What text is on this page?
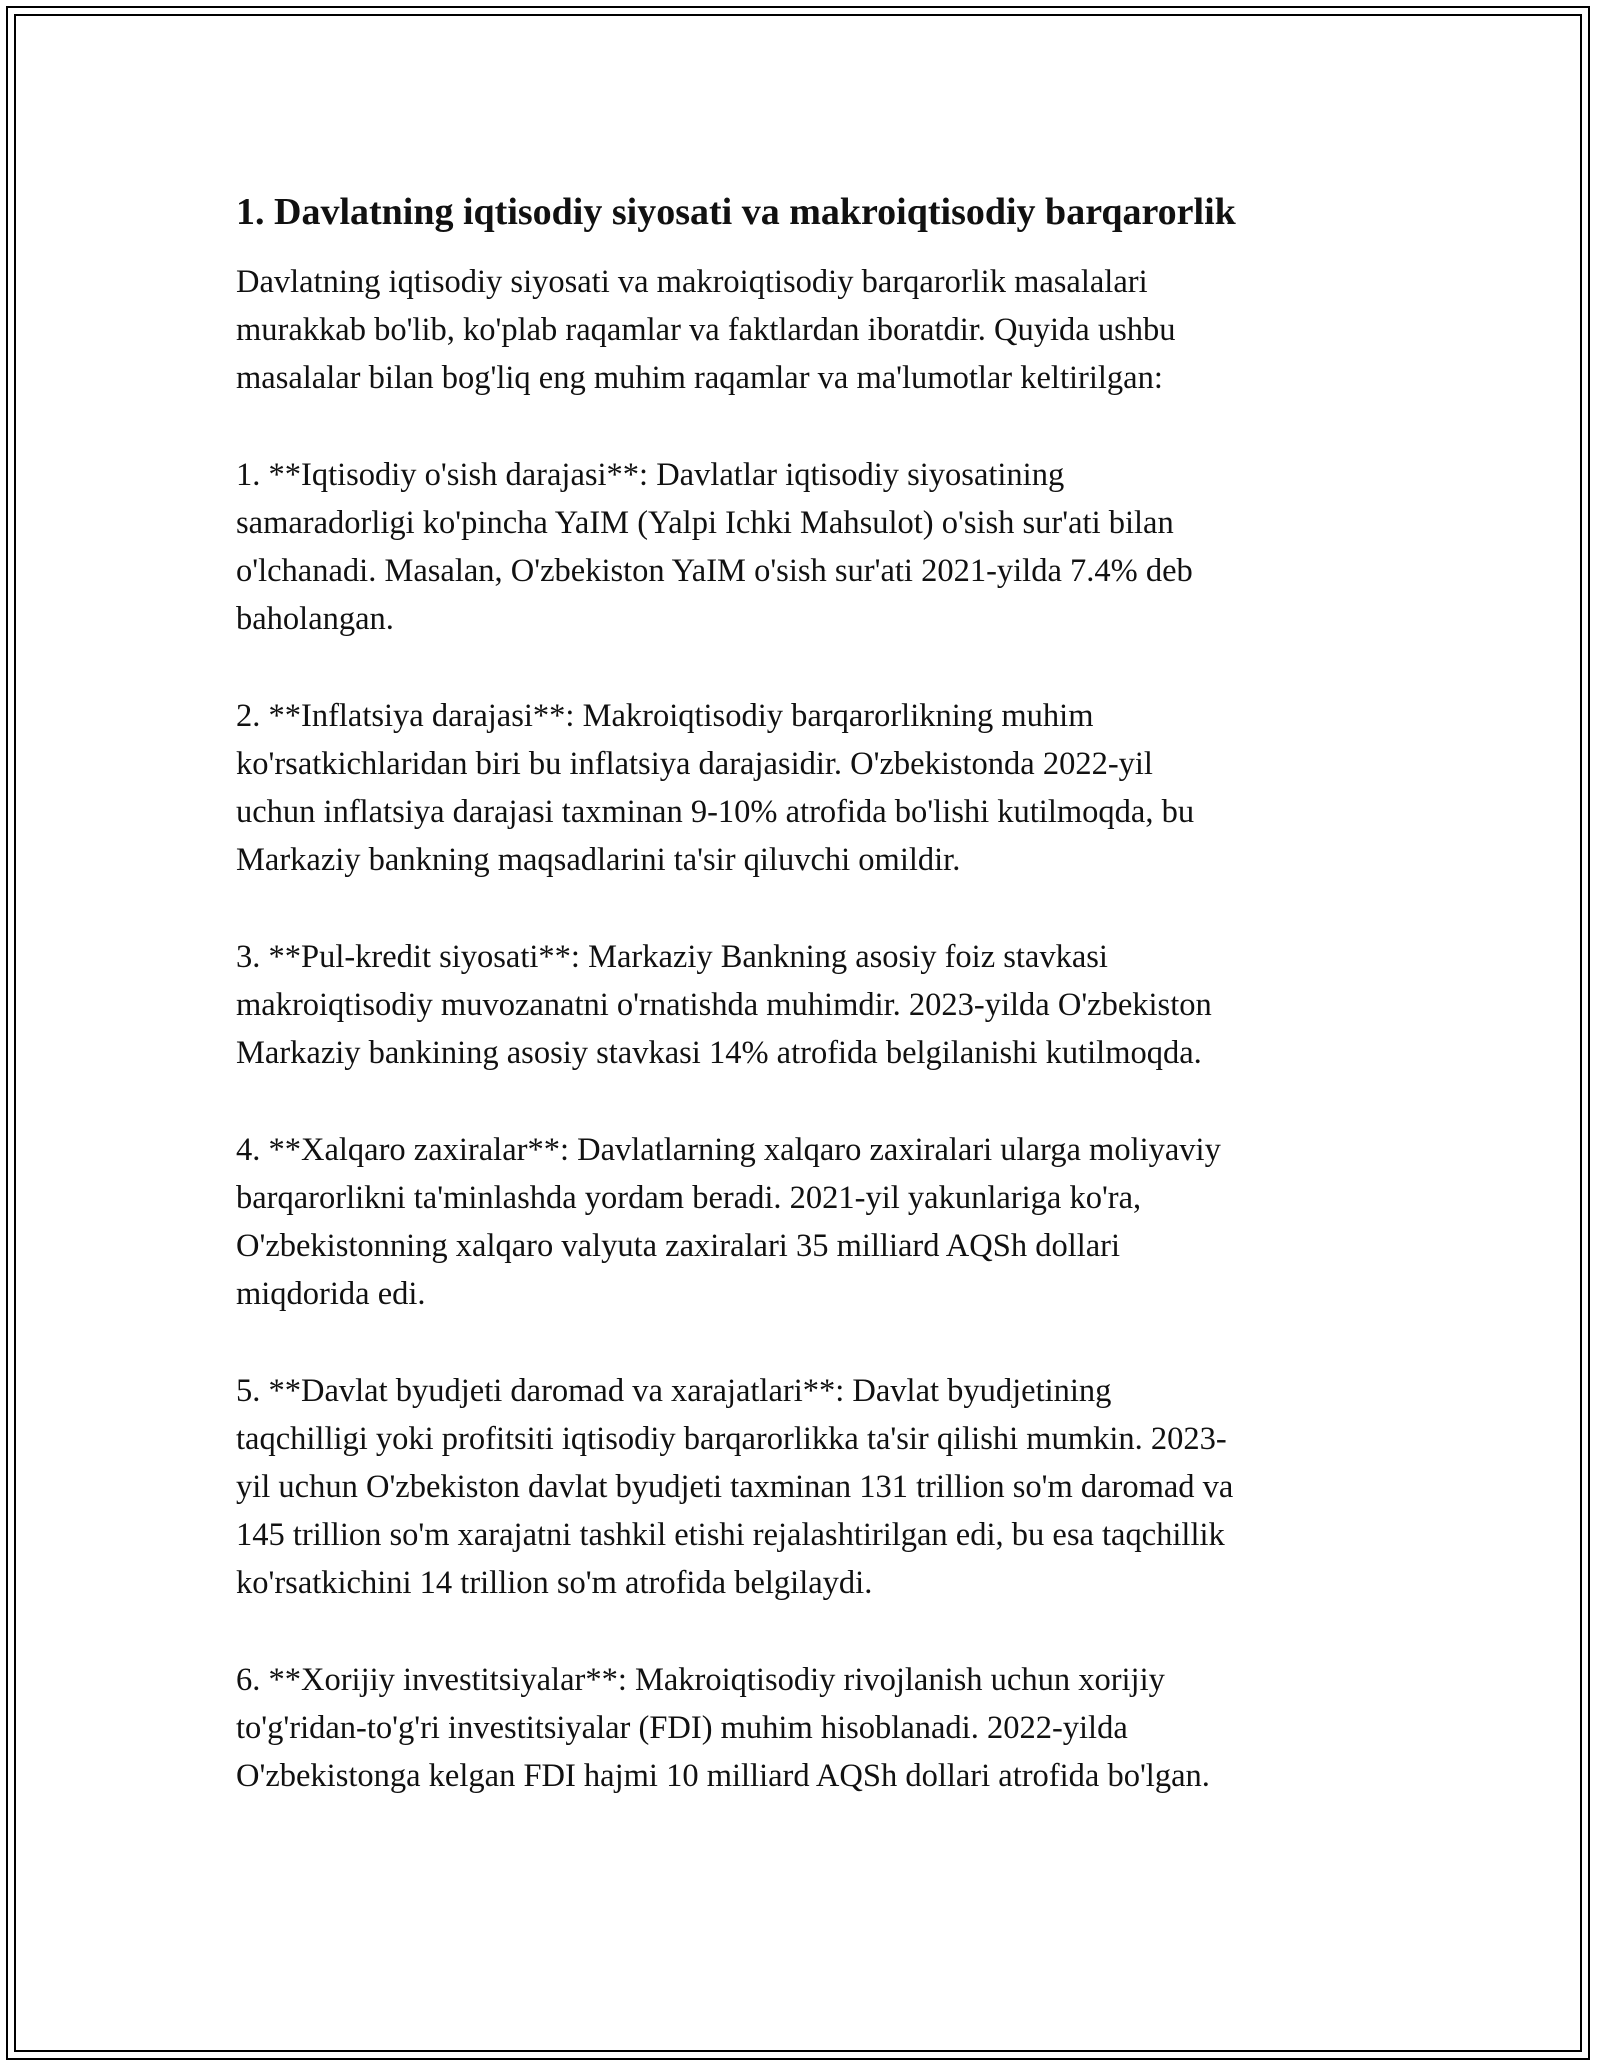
1. Davlatning iqtisodiy siyosati va makroiqtisodiy barqarorlik

Davlatning iqtisodiy siyosati va makroiqtisodiy barqarorlik masalalari
murakkab bo'lib, ko'plab raqamlar va faktlardan iboratdir. Quyida ushbu
masalalar bilan bog'liq eng muhim raqamlar va ma'lumotlar keltirilgan:

1. **Iqtisodiy o'sish darajasi**: Davlatlar iqtisodiy siyosatining
samaradorligi ko'pincha YaIM (Yalpi Ichki Mahsulot) o'sish sur'ati bilan
o'lchanadi. Masalan, O'zbekiston YaIM o'sish sur'ati 2021-yilda 7.4% deb
baholangan.

2. **Inflatsiya darajasi**: Makroiqtisodiy barqarorlikning muhim
ko'rsatkichlaridan biri bu inflatsiya darajasidir. O'zbekistonda 2022-yil
uchun inflatsiya darajasi taxminan 9-10% atrofida bo'lishi kutilmoqda, bu
Markaziy bankning maqsadlarini ta'sir qiluvchi omildir.

3. **Pul-kredit siyosati**: Markaziy Bankning asosiy foiz stavkasi
makroiqtisodiy muvozanatni o'rnatishda muhimdir. 2023-yilda O'zbekiston
Markaziy bankining asosiy stavkasi 14% atrofida belgilanishi kutilmoqda.

4. **Xalqaro zaxiralar**: Davlatlarning xalqaro zaxiralari ularga moliyaviy
barqarorlikni ta'minlashda yordam beradi. 2021-yil yakunlariga ko'ra,
O'zbekistonning xalqaro valyuta zaxiralari 35 milliard AQSh dollari
miqdorida edi.

5. **Davlat byudjeti daromad va xarajatlari**: Davlat byudjetining
taqchilligi yoki profitsiti iqtisodiy barqarorlikka ta'sir qilishi mumkin. 2023-
yil uchun O'zbekiston davlat byudjeti taxminan 131 trillion so'm daromad va
145 trillion so'm xarajatni tashkil etishi rejalashtirilgan edi, bu esa taqchillik
ko'rsatkichini 14 trillion so'm atrofida belgilaydi.

6. **Xorijiy investitsiyalar**: Makroiqtisodiy rivojlanish uchun xorijiy
to'g'ridan-to'g'ri investitsiyalar (FDI) muhim hisoblanadi. 2022-yilda
O'zbekistonga kelgan FDI hajmi 10 milliard AQSh dollari atrofida bo'lgan.
